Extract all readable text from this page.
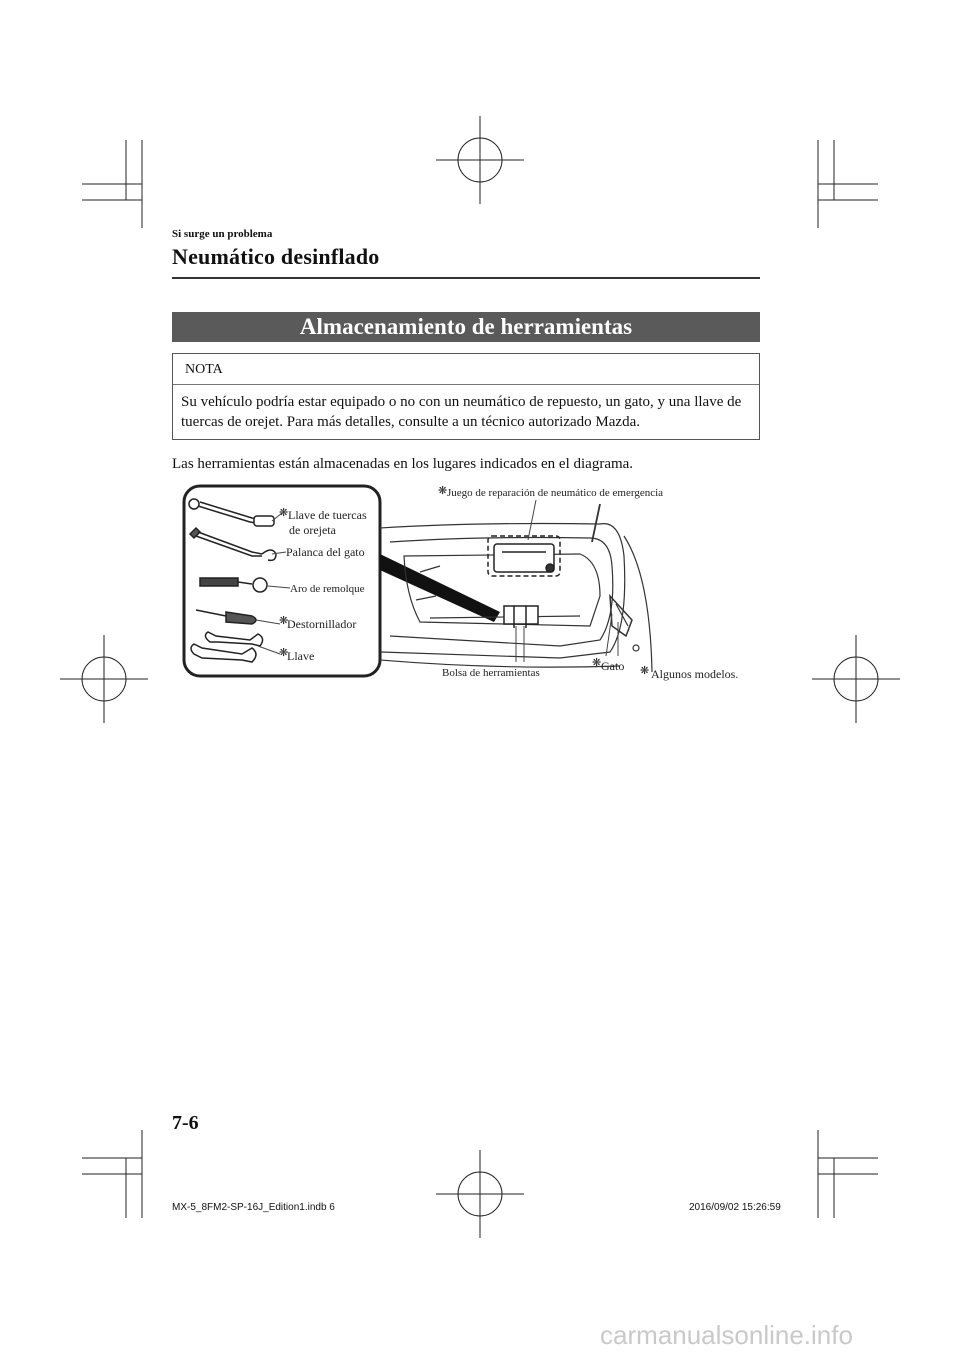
Si surge un problema
Neumático desinflado
Almacenamiento de herramientas
NOTA
Su vehículo podría estar equipado o no con un neumático de repuesto, un gato, y una llave de tuercas de orejet. Para más detalles, consulte a un técnico autorizado Mazda.
Las herramientas están almacenadas en los lugares indicados en el diagrama.
❋ Llave de tuercas
de orejeta
Palanca del gato
Aro de remolque
❋
Destornillador
❋
Llave
❋ Juego de reparación de neumático de emergencia
Bolsa de herramientas
❋ Gato ❋ Algunos modelos.
7-6
MX-5_8FM2-SP-16J_Edition1.indb 6	2016/09/02 15:26:59
carmanualsonline.info
